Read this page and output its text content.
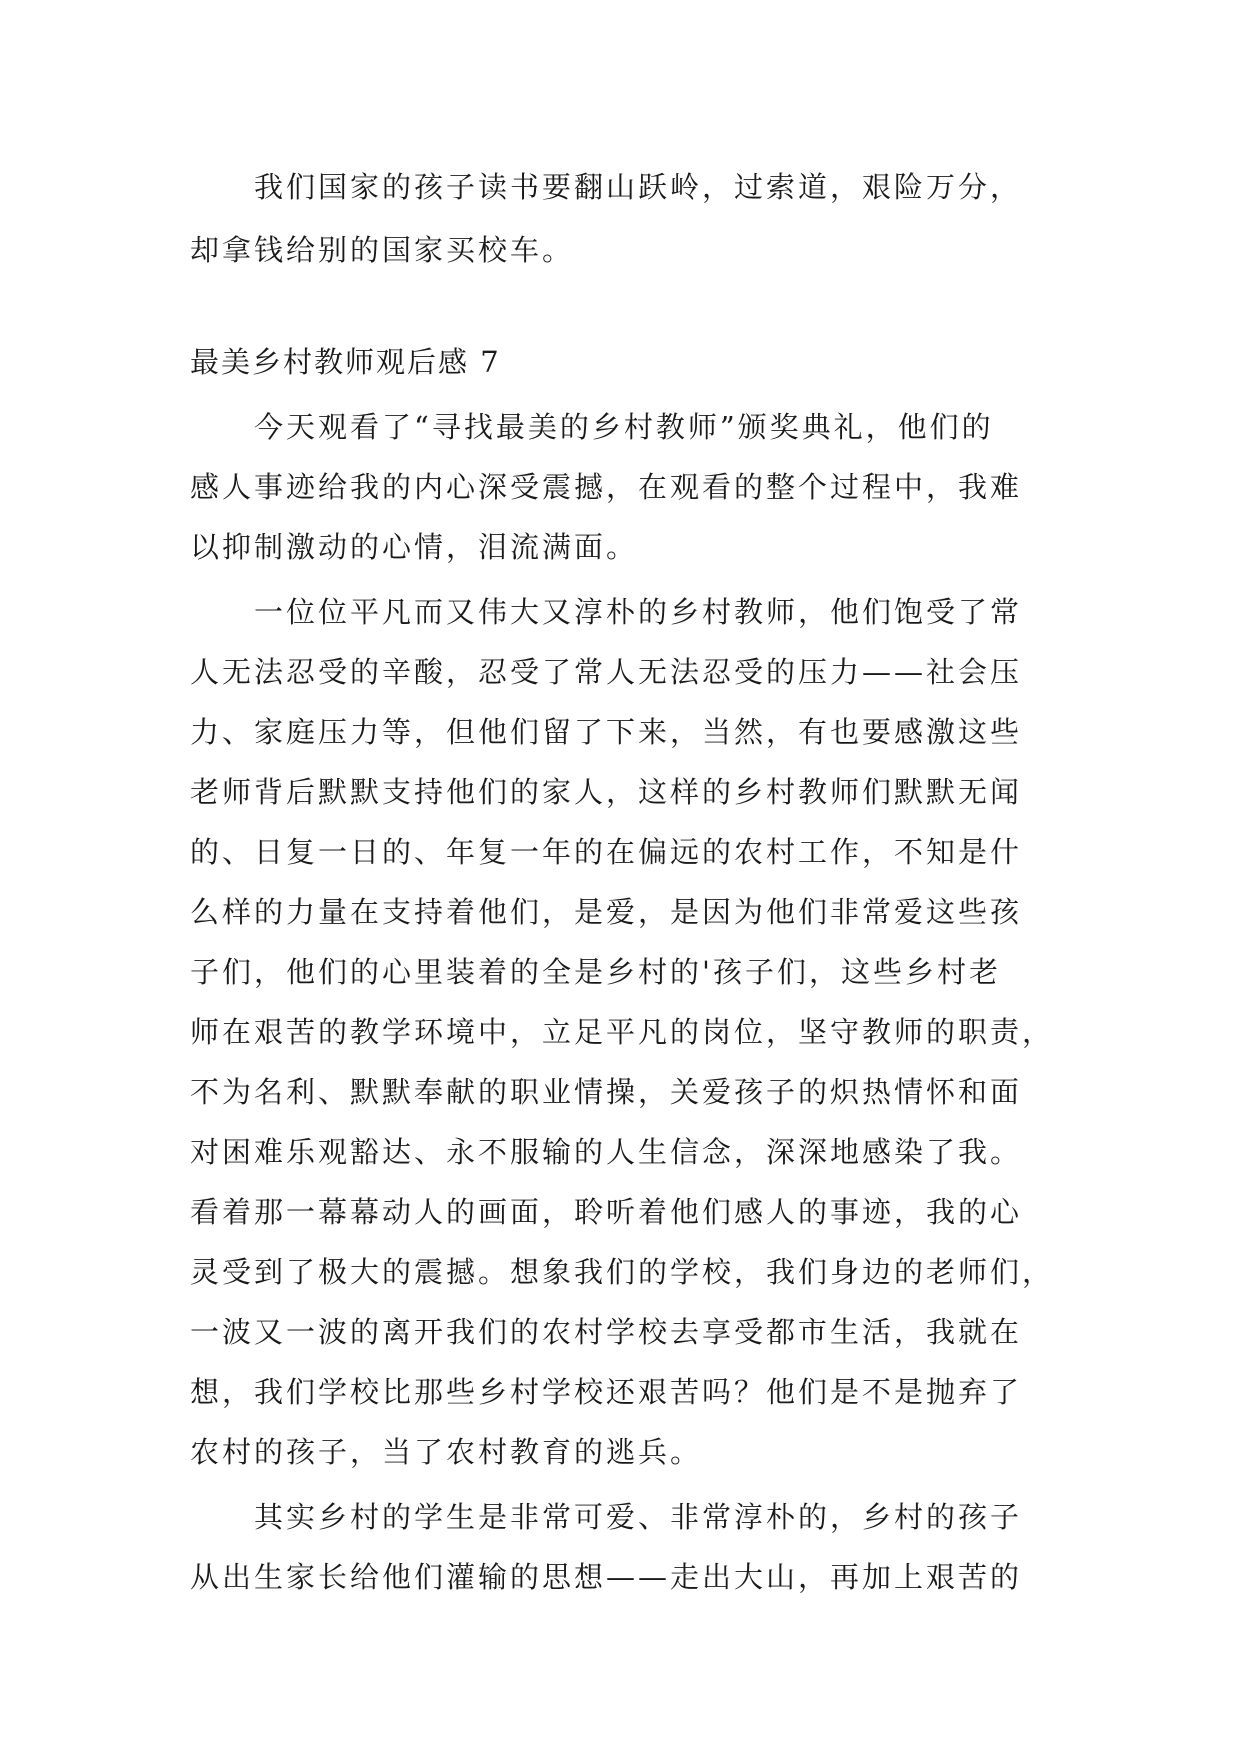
我们国家的孩子读书要翻山跃岭，过索道，艰险万分，
却拿钱给别的国家买校车。
最美乡村教师观后感 7
今天观看了“寻找最美的乡村教师”颁奖典礼，他们的
感人事迹给我的内心深受震撼，在观看的整个过程中，我难
以抑制激动的心情，泪流满面。
一位位平凡而又伟大又淳朴的乡村教师，他们饱受了常
人无法忍受的辛酸，忍受了常人无法忍受的压力——社会压
力、家庭压力等，但他们留了下来，当然，有也要感激这些
老师背后默默支持他们的家人，这样的乡村教师们默默无闻
的、日复一日的、年复一年的在偏远的农村工作，不知是什
么样的力量在支持着他们，是爱，是因为他们非常爱这些孩
子们，他们的心里装着的全是乡村的'孩子们，这些乡村老
师在艰苦的教学环境中，立足平凡的岗位，坚守教师的职责，
不为名利、默默奉献的职业情操，关爱孩子的炽热情怀和面
对困难乐观豁达、永不服输的人生信念，深深地感染了我。
看着那一幕幕动人的画面，聆听着他们感人的事迹，我的心
灵受到了极大的震撼。想象我们的学校，我们身边的老师们，
一波又一波的离开我们的农村学校去享受都市生活，我就在
想，我们学校比那些乡村学校还艰苦吗？他们是不是抛弃了
农村的孩子，当了农村教育的逃兵。
其实乡村的学生是非常可爱、非常淳朴的，乡村的孩子
从出生家长给他们灌输的思想——走出大山，再加上艰苦的
